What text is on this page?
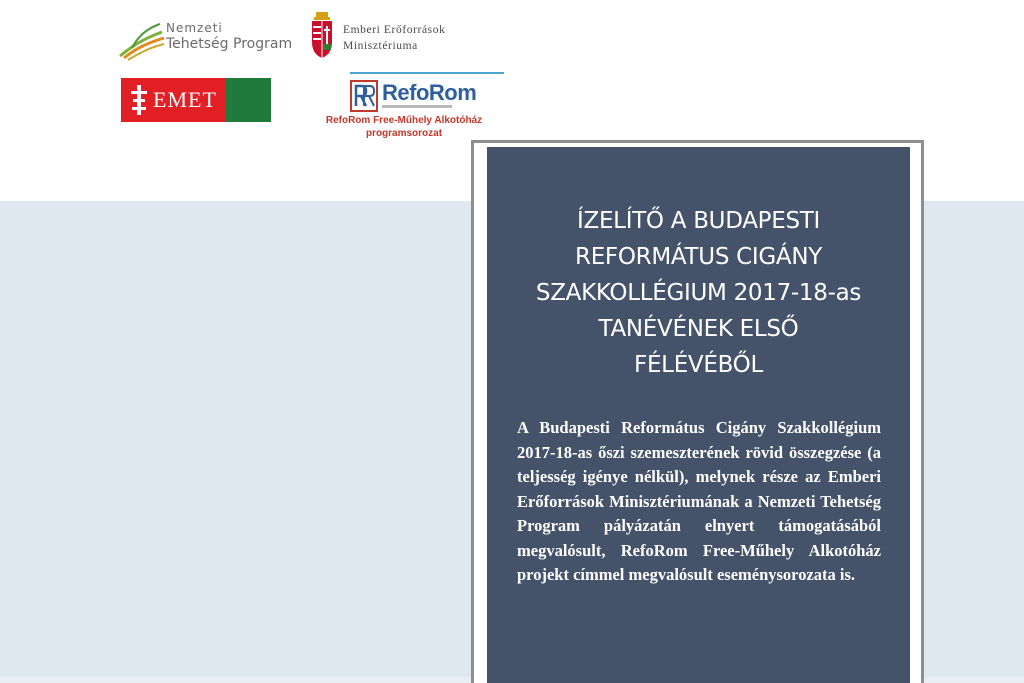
Nemzeti
Tehetség Program
Emberi Erőforrások
Minisztériuma
EMET	RefoRom
RefoRom Free-Műhely Alkotóház
programsorozat
ÍZELÍTŐ A BUDAPESTI
REFORMÁTUS CIGÁNY
SZAKKOLLÉGIUM 2017-18-as
TANÉVÉNEK ELSŐ
FÉLÉVÉBŐL
A Budapesti Református Cigány Szakkollégium 2017-18-as őszi szemeszterének rövid összegzése (a teljesség igénye nélkül), melynek része az Emberi Erőforrások Minisztériumának a Nemzeti Tehetség Program pályázatán elnyert támogatásából megvalósult, RefoRom Free-Műhely Alkotóház projekt címmel megvalósult eseménysorozata is.
